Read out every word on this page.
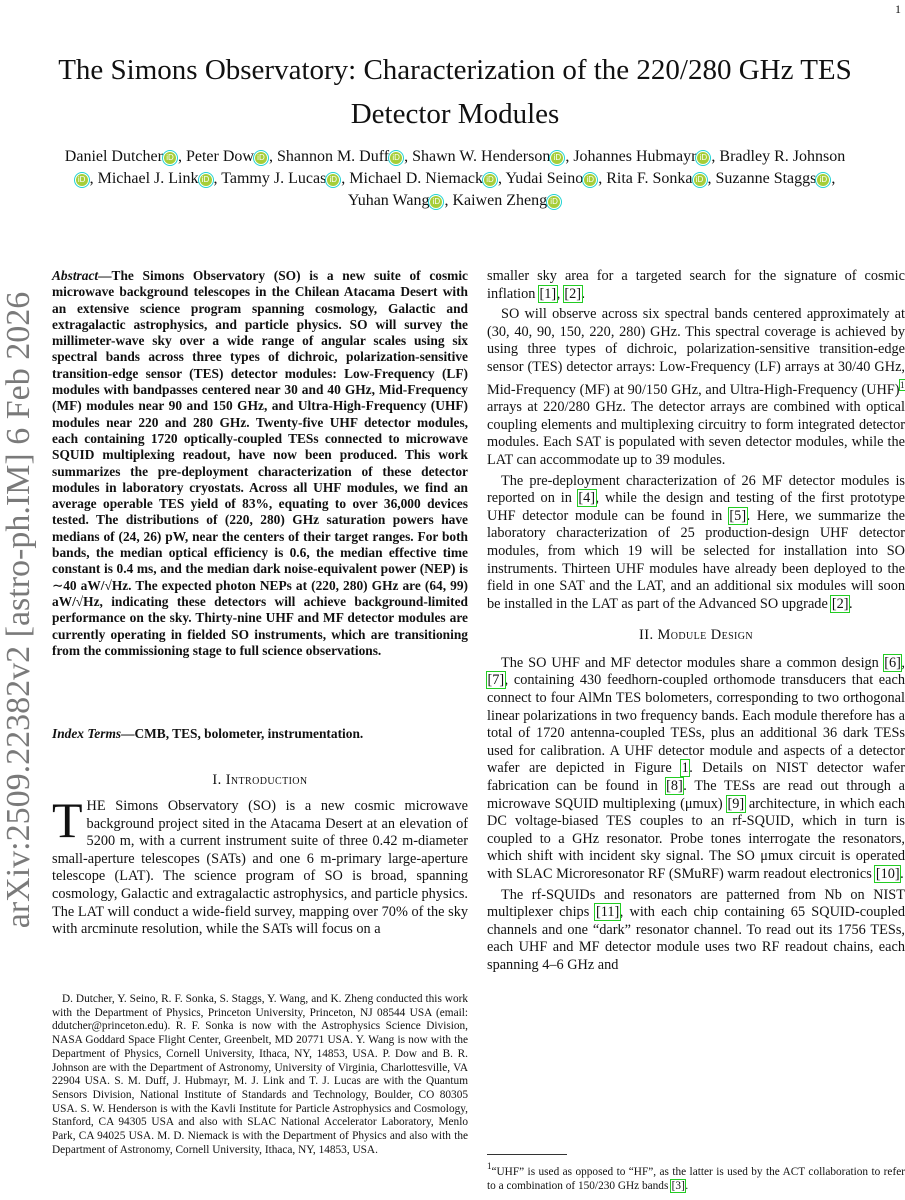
1
arXiv:2509.22382v2 [astro-ph.IM] 6 Feb 2026
The Simons Observatory: Characterization of the 220/280 GHz TES Detector Modules
Daniel Dutcher iD , Peter Dow iD , Shannon M. Duff iD , Shawn W. Henderson iD , Johannes Hubmayr iD , Bradley R. JohnsoniD , Michael J. Link iD , Tammy J. Lucas iD , Michael D. Niemack iD , Yudai Seino iD , Rita F. Sonka iD , Suzanne Staggs iD , Yuhan Wang iD , Kaiwen Zheng iD
Abstract—The Simons Observatory (SO) is a new suite of cosmic microwave background telescopes in the Chilean Atacama Desert with an extensive science program spanning cosmology, Galactic and extragalactic astrophysics, and particle physics. SO will survey the millimeter-wave sky over a wide range of angular scales using six spectral bands across three types of dichroic, polarization-sensitive transition-edge sensor (TES) detector modules: Low-Frequency (LF) modules with bandpasses centered near 30 and 40 GHz, Mid-Frequency (MF) modules near 90 and 150 GHz, and Ultra-High-Frequency (UHF) modules near 220 and 280 GHz. Twenty-five UHF detector modules, each containing 1720 optically-coupled TESs connected to microwave SQUID multiplexing readout, have now been produced. This work summarizes the pre-deployment characterization of these detector modules in laboratory cryostats. Across all UHF modules, we find an average operable TES yield of 83%, equating to over 36,000 devices tested. The distributions of (220, 280) GHz saturation powers have medians of (24, 26) pW, near the centers of their target ranges. For both bands, the median optical efficiency is 0.6, the median effective time constant is 0.4 ms, and the median dark noise-equivalent power (NEP) is ∼40 aW/√Hz. The expected photon NEPs at (220, 280) GHz are (64, 99) aW/√Hz, indicating these detectors will achieve background-limited performance on the sky. Thirty-nine UHF and MF detector modules are currently operating in fielded SO instruments, which are transitioning from the commissioning stage to full science observations.
Index Terms—CMB, TES, bolometer, instrumentation.
I. Introduction
THE Simons Observatory (SO) is a new cosmic microwave background project sited in the Atacama Desert at an elevation of 5200 m, with a current instrument suite of three 0.42 m-diameter small-aperture telescopes (SATs) and one 6 m-primary large-aperture telescope (LAT). The science program of SO is broad, spanning cosmology, Galactic and extragalactic astrophysics, and particle physics. The LAT will conduct a wide-field survey, mapping over 70% of the sky with arcminute resolution, while the SATs will focus on a
D. Dutcher, Y. Seino, R. F. Sonka, S. Staggs, Y. Wang, and K. Zheng conducted this work with the Department of Physics, Princeton University, Princeton, NJ 08544 USA (email: ddutcher@princeton.edu). R. F. Sonka is now with the Astrophysics Science Division, NASA Goddard Space Flight Center, Greenbelt, MD 20771 USA. Y. Wang is now with the Department of Physics, Cornell University, Ithaca, NY, 14853, USA. P. Dow and B. R. Johnson are with the Department of Astronomy, University of Virginia, Charlottesville, VA 22904 USA. S. M. Duff, J. Hubmayr, M. J. Link and T. J. Lucas are with the Quantum Sensors Division, National Institute of Standards and Technology, Boulder, CO 80305 USA. S. W. Henderson is with the Kavli Institute for Particle Astrophysics and Cosmology, Stanford, CA 94305 USA and also with SLAC National Accelerator Laboratory, Menlo Park, CA 94025 USA. M. D. Niemack is with the Department of Physics and also with the Department of Astronomy, Cornell University, Ithaca, NY, 14853, USA.

smaller sky area for a targeted search for the signature of cosmic inflation [1], [2].

SO will observe across six spectral bands centered approximately at (30, 40, 90, 150, 220, 280) GHz. This spectral coverage is achieved by using three types of dichroic, polarization-sensitive transition-edge sensor (TES) detector arrays: Low-Frequency (LF) arrays at 30/40 GHz, Mid-Frequency (MF) at 90/150 GHz, and Ultra-High-Frequency (UHF)$^1$ arrays at 220/280 GHz. The detector arrays are combined with optical coupling elements and multiplexing circuitry to form integrated detector modules. Each SAT is populated with seven detector modules, while the LAT can accommodate up to 39 modules.

The pre-deployment characterization of 26 MF detector modules is reported on in [4], while the design and testing of the first prototype UHF detector module can be found in [5]. Here, we summarize the laboratory characterization of 25 production-design UHF detector modules, from which 19 will be selected for installation into SO instruments. Thirteen UHF modules have already been deployed to the field in one SAT and the LAT, and an additional six modules will soon be installed in the LAT as part of the Advanced SO upgrade [2].

II. Module Design

The SO UHF and MF detector modules share a common design [6], [7], containing 430 feedhorn-coupled orthomode transducers that each connect to four AlMn TES bolometers, corresponding to two orthogonal linear polarizations in two frequency bands. Each module therefore has a total of 1720 antenna-coupled TESs, plus an additional 36 dark TESs used for calibration. A UHF detector module and aspects of a detector wafer are depicted in Figure 1. Details on NIST detector wafer fabrication can be found in [8]. The TESs are read out through a microwave SQUID multiplexing (μmux) [9] architecture, in which each DC voltage-biased TES couples to an rf-SQUID, which in turn is coupled to a GHz resonator. Probe tones interrogate the resonators, which shift with incident sky signal. The SO μmux circuit is operated with SLAC Microresonator RF (SMuRF) warm readout electronics [10].

The rf-SQUIDs and resonators are patterned from Nb on NIST multiplexer chips [11], with each chip containing 65 SQUID-coupled channels and one “dark” resonator channel. To read out its 1756 TESs, each UHF and MF detector module uses two RF readout chains, each spanning 4–6 GHz and

$^1$“UHF” is used as opposed to “HF”, as the latter is used by the ACT collaboration to refer to a combination of 150/230 GHz bands [3].
